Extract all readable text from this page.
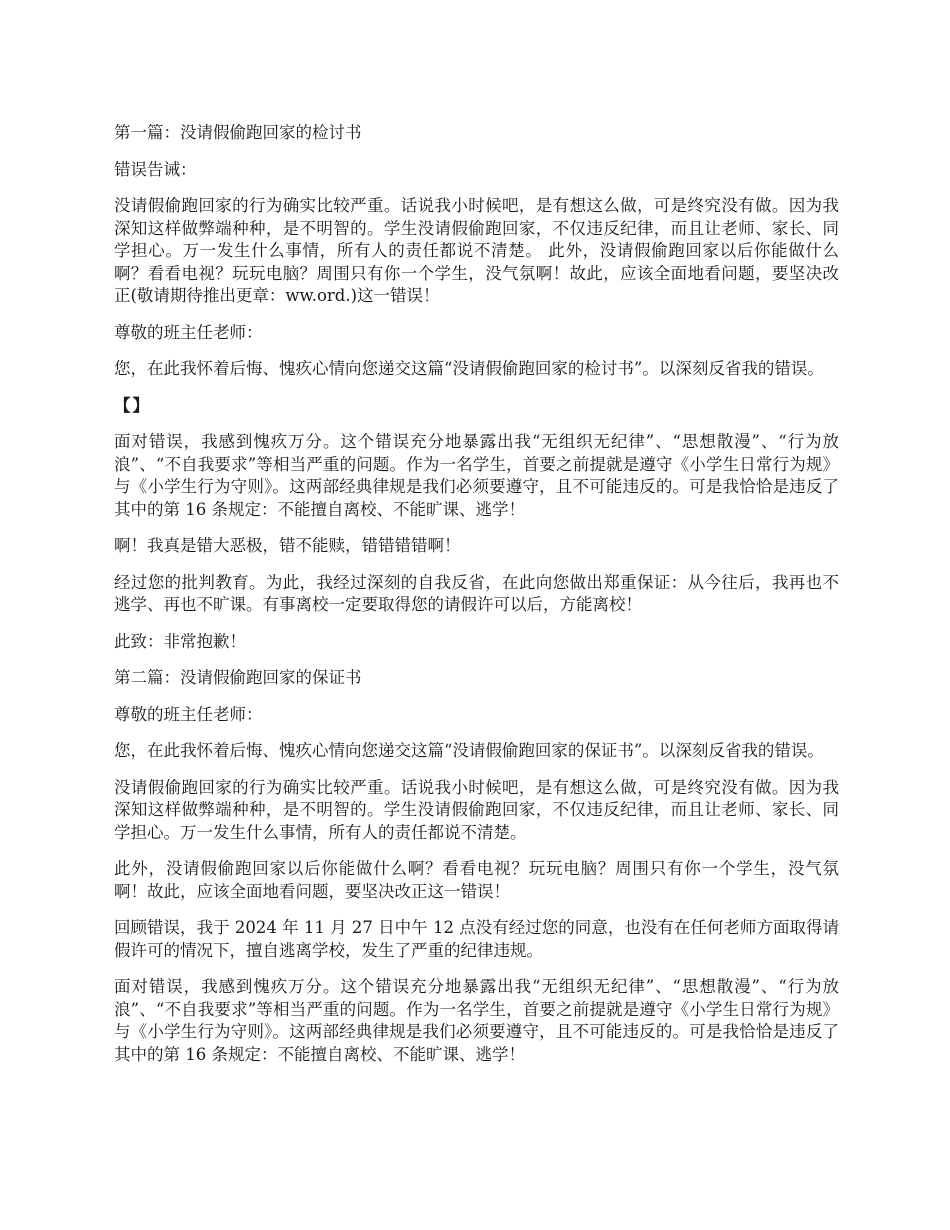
第一篇：没请假偷跑回家的检讨书

错误告诫：

没请假偷跑回家的行为确实比较严重。话说我小时候吧，是有想这么做，可是终究没有做。因为我深知这样做弊端种种，是不明智的。学生没请假偷跑回家，不仅违反纪律，而且让老师、家长、同学担心。万一发生什么事情，所有人的责任都说不清楚。 此外，没请假偷跑回家以后你能做什么啊？看看电视？玩玩电脑？周围只有你一个学生，没气氛啊！故此，应该全面地看问题，要坚决改正(敬请期待推出更章：ww.ord.)这一错误！

尊敬的班主任老师：

您，在此我怀着后悔、愧疚心情向您递交这篇“没请假偷跑回家的检讨书”。以深刻反省我的错误。

【】

面对错误，我感到愧疚万分。这个错误充分地暴露出我“无组织无纪律”、“思想散漫”、“行为放浪”、“不自我要求”等相当严重的问题。作为一名学生，首要之前提就是遵守《小学生日常行为规》与《小学生行为守则》。这两部经典律规是我们必须要遵守，且不可能违反的。可是我恰恰是违反了其中的第 16 条规定：不能擅自离校、不能旷课、逃学！

啊！我真是错大恶极，错不能赎，错错错错啊！

经过您的批判教育。为此，我经过深刻的自我反省，在此向您做出郑重保证：从今往后，我再也不逃学、再也不旷课。有事离校一定要取得您的请假许可以后，方能离校！

此致：非常抱歉！

第二篇：没请假偷跑回家的保证书

尊敬的班主任老师：

您，在此我怀着后悔、愧疚心情向您递交这篇“没请假偷跑回家的保证书”。以深刻反省我的错误。

没请假偷跑回家的行为确实比较严重。话说我小时候吧，是有想这么做，可是终究没有做。因为我深知这样做弊端种种，是不明智的。学生没请假偷跑回家，不仅违反纪律，而且让老师、家长、同学担心。万一发生什么事情，所有人的责任都说不清楚。

此外，没请假偷跑回家以后你能做什么啊？看看电视？玩玩电脑？周围只有你一个学生，没气氛啊！故此，应该全面地看问题，要坚决改正这一错误！

回顾错误，我于 2024 年 11 月 27 日中午 12 点没有经过您的同意，也没有在任何老师方面取得请假许可的情况下，擅自逃离学校，发生了严重的纪律违规。

面对错误，我感到愧疚万分。这个错误充分地暴露出我“无组织无纪律”、“思想散漫”、“行为放浪”、“不自我要求”等相当严重的问题。作为一名学生，首要之前提就是遵守《小学生日常行为规》与《小学生行为守则》。这两部经典律规是我们必须要遵守，且不可能违反的。可是我恰恰是违反了其中的第 16 条规定：不能擅自离校、不能旷课、逃学！
